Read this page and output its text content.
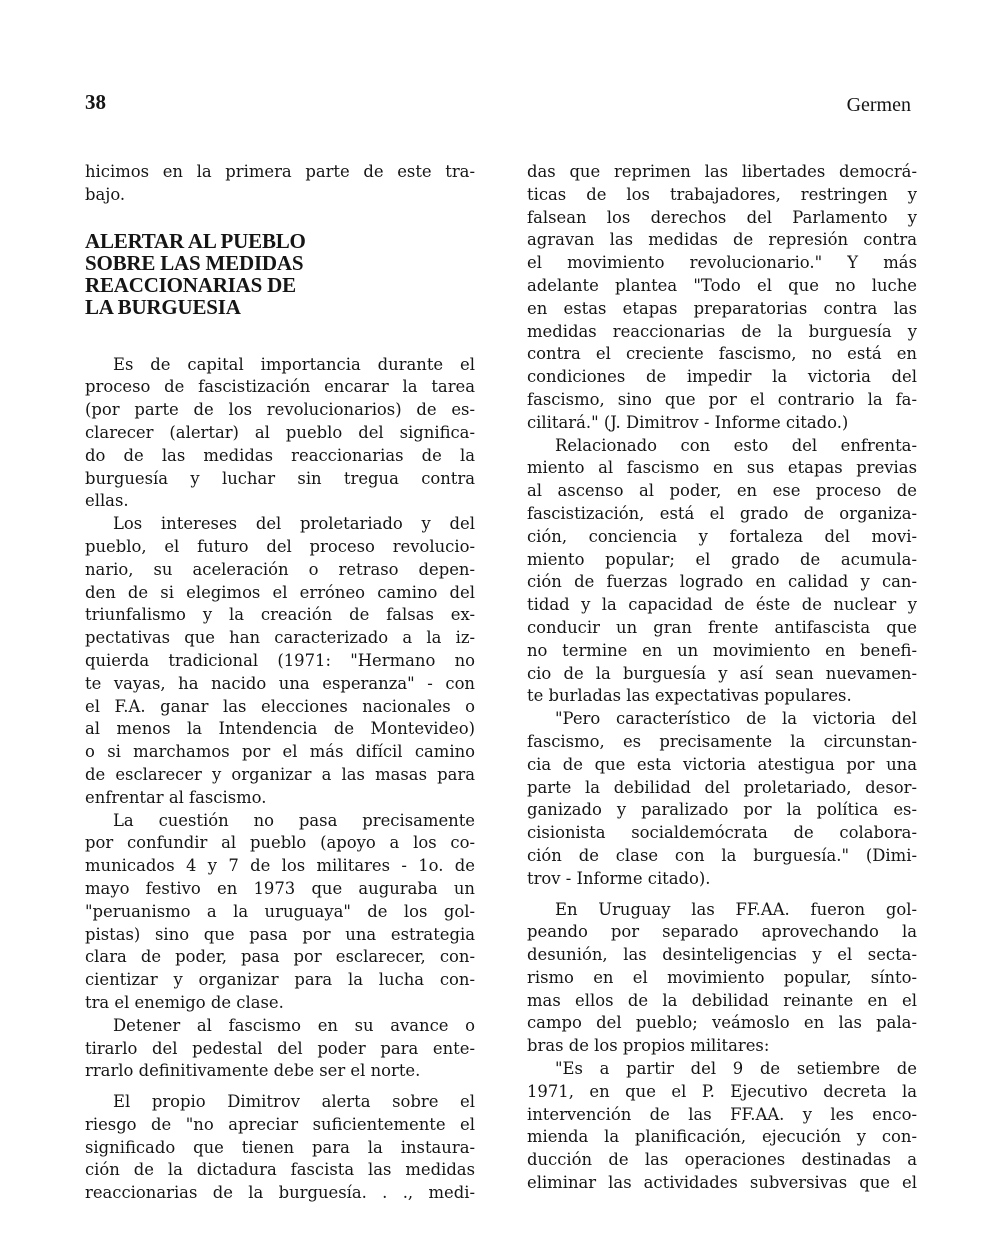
38	Germen
hicimos en la primera parte de este tra-
bajo.
ALERTAR AL PUEBLO
SOBRE LAS MEDIDAS
REACCIONARIAS DE
LA BURGUESIA
Es de capital importancia durante el
proceso de fascistización encarar la tarea
(por parte de los revolucionarios) de es-
clarecer (alertar) al pueblo del significa-
do de las medidas reaccionarias de la
burguesía y luchar sin tregua contra
ellas.
Los intereses del proletariado y del
pueblo, el futuro del proceso revolucio-
nario, su aceleración o retraso depen-
den de si elegimos el erróneo camino del
triunfalismo y la creación de falsas ex-
pectativas que han caracterizado a la iz-
quierda tradicional (1971: "Hermano no
te vayas, ha nacido una esperanza" - con
el F.A. ganar las elecciones nacionales o
al menos la Intendencia de Montevideo)
o si marchamos por el más difícil camino
de esclarecer y organizar a las masas para
enfrentar al fascismo.
La cuestión no pasa precisamente
por confundir al pueblo (apoyo a los co-
municados 4 y 7 de los militares - 1o. de
mayo festivo en 1973 que auguraba un
"peruanismo a la uruguaya" de los gol-
pistas) sino que pasa por una estrategia
clara de poder, pasa por esclarecer, con-
cientizar y organizar para la lucha con-
tra el enemigo de clase.
Detener al fascismo en su avance o
tirarlo del pedestal del poder para ente-
rrarlo definitivamente debe ser el norte.
El propio Dimitrov alerta sobre el
riesgo de "no apreciar suficientemente el
significado que tienen para la instaura-
ción de la dictadura fascista las medidas
reaccionarias de la burguesía. . ., medi-
das que reprimen las libertades democrá-
ticas de los trabajadores, restringen y
falsean los derechos del Parlamento y
agravan las medidas de represión contra
el movimiento revolucionario." Y más
adelante plantea "Todo el que no luche
en estas etapas preparatorias contra las
medidas reaccionarias de la burguesía y
contra el creciente fascismo, no está en
condiciones de impedir la victoria del
fascismo, sino que por el contrario la fa-
cilitará." (J. Dimitrov - Informe citado.)
Relacionado con esto del enfrenta-
miento al fascismo en sus etapas previas
al ascenso al poder, en ese proceso de
fascistización, está el grado de organiza-
ción, conciencia y fortaleza del movi-
miento popular; el grado de acumula-
ción de fuerzas logrado en calidad y can-
tidad y la capacidad de éste de nuclear y
conducir un gran frente antifascista que
no termine en un movimiento en benefi-
cio de la burguesía y así sean nuevamen-
te burladas las expectativas populares.
"Pero característico de la victoria del
fascismo, es precisamente la circunstan-
cia de que esta victoria atestigua por una
parte la debilidad del proletariado, desor-
ganizado y paralizado por la política es-
cisionista socialdemócrata de colabora-
ción de clase con la burguesía." (Dimi-
trov - Informe citado).
En Uruguay las FF.AA. fueron gol-
peando por separado aprovechando la
desunión, las desinteligencias y el secta-
rismo en el movimiento popular, sínto-
mas ellos de la debilidad reinante en el
campo del pueblo; veámoslo en las pala-
bras de los propios militares:
"Es a partir del 9 de setiembre de
1971, en que el P. Ejecutivo decreta la
intervención de las FF.AA. y les enco-
mienda la planificación, ejecución y con-
ducción de las operaciones destinadas a
eliminar las actividades subversivas que el
